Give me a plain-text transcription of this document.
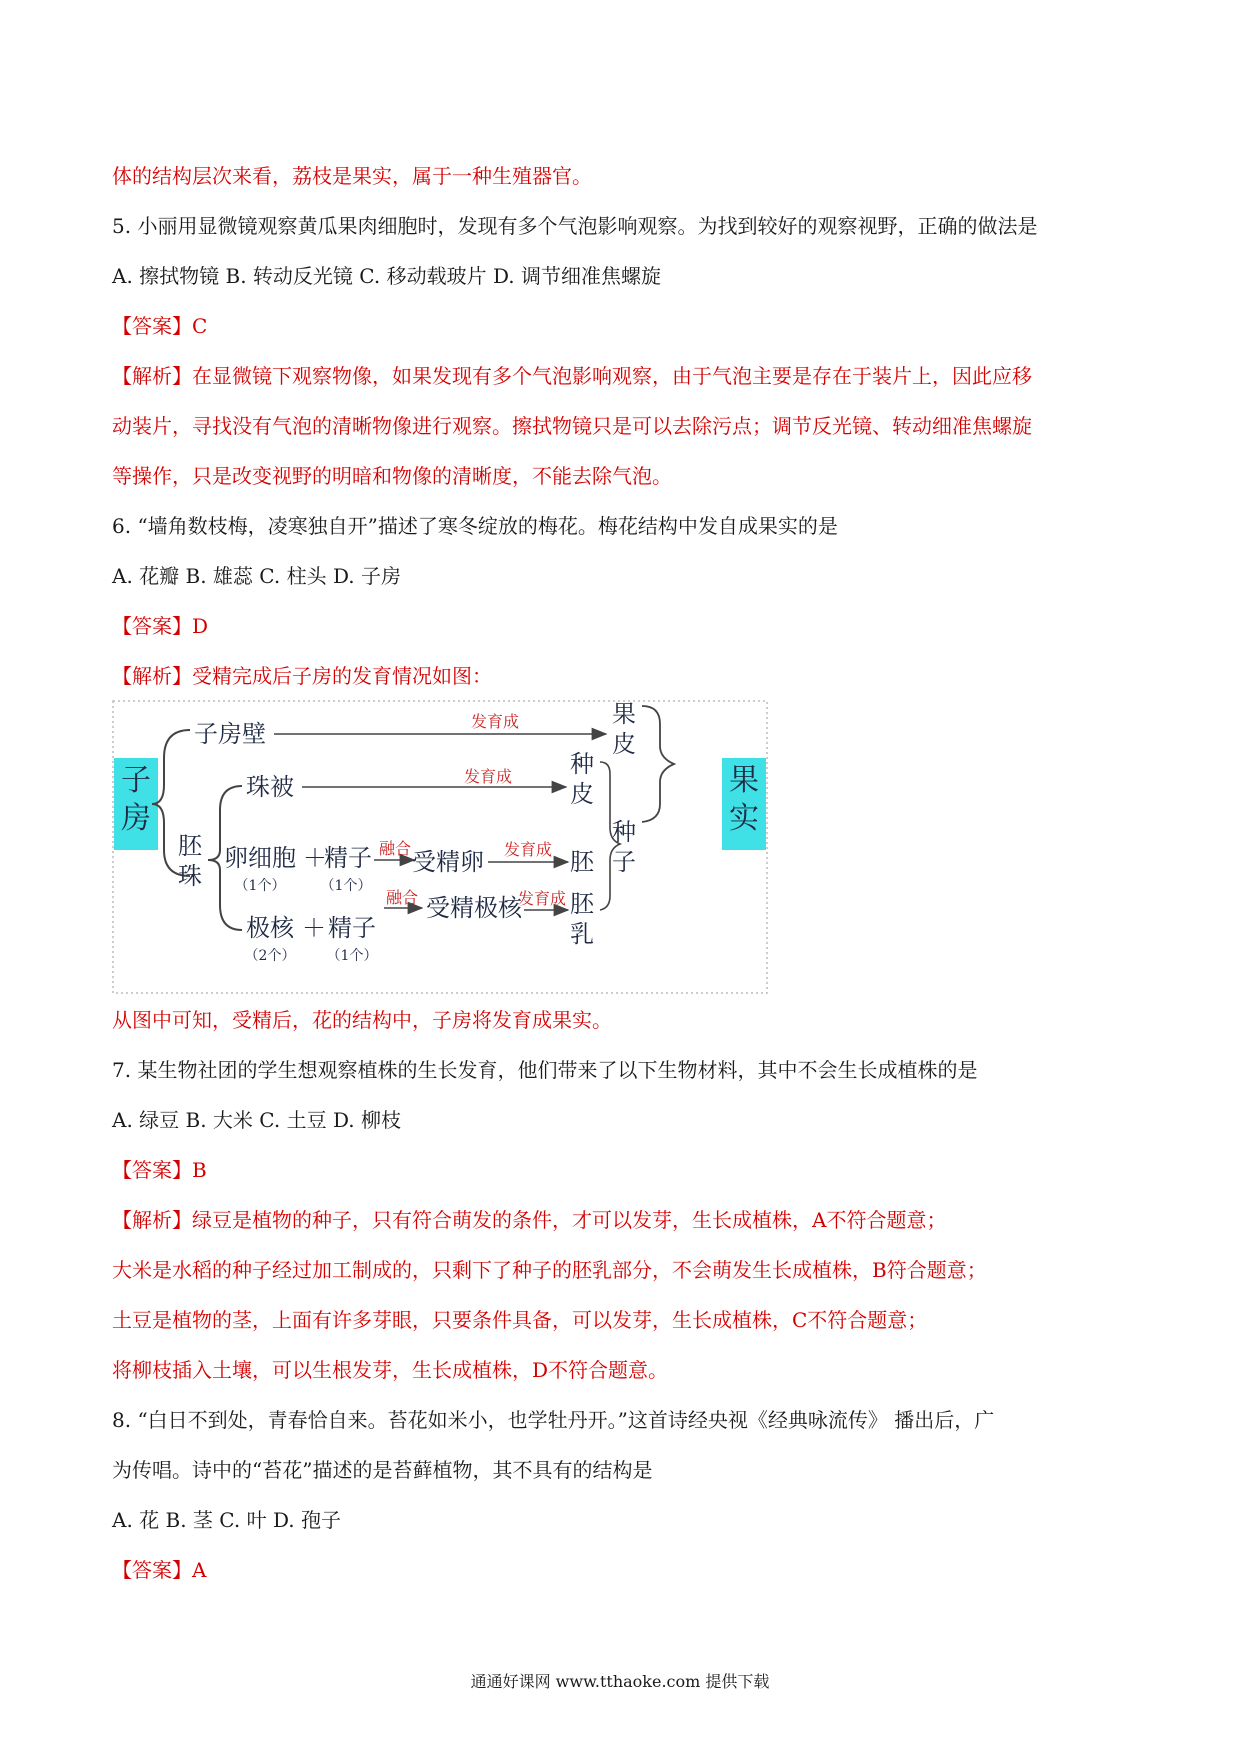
体的结构层次来看，荔枝是果实，属于一种生殖器官。
5. 小丽用显微镜观察黄瓜果肉细胞时，发现有多个气泡影响观察。为找到较好的观察视野，正确的做法是
A. 擦拭物镜 B. 转动反光镜 C. 移动载玻片 D. 调节细准焦螺旋
【答案】C
【解析】在显微镜下观察物像，如果发现有多个气泡影响观察，由于气泡主要是存在于装片上，因此应移
动装片，寻找没有气泡的清晰物像进行观察。擦拭物镜只是可以去除污点；调节反光镜、转动细准焦螺旋
等操作，只是改变视野的明暗和物像的清晰度，不能去除气泡。
6. “墙角数枝梅，凌寒独自开”描述了寒冬绽放的梅花。梅花结构中发自成果实的是
A. 花瓣 B. 雄蕊 C. 柱头 D. 子房
【答案】D
【解析】受精完成后子房的发育情况如图：
子
房
果
实
子房壁	发育成	果
皮
胚
珠
珠被	发育成 种
皮
种
子
卵细胞
（1个）
＋
精子
（1个）
融合 受精卵 发育成 胚
极核
（2个）
＋ 精子
（1个）
融合 受精极核
发育成 胚
乳
从图中可知，受精后，花的结构中，子房将发育成果实。
7. 某生物社团的学生想观察植株的生长发育，他们带来了以下生物材料，其中不会生长成植株的是
A. 绿豆 B. 大米 C. 土豆 D. 柳枝
【答案】B
【解析】绿豆是植物的种子，只有符合萌发的条件，才可以发芽，生长成植株，A不符合题意；
大米是水稻的种子经过加工制成的，只剩下了种子的胚乳部分，不会萌发生长成植株，B符合题意；
土豆是植物的茎，上面有许多芽眼，只要条件具备，可以发芽，生长成植株，C不符合题意；
将柳枝插入土壤，可以生根发芽，生长成植株，D不符合题意。
8. “白日不到处，青春恰自来。苔花如米小，也学牡丹开。”这首诗经央视《经典咏流传》 播出后，广
为传唱。诗中的“苔花”描述的是苔藓植物，其不具有的结构是
A. 花 B. 茎 C. 叶 D. 孢子
【答案】A
通通好课网 www.tthaoke.com 提供下载
